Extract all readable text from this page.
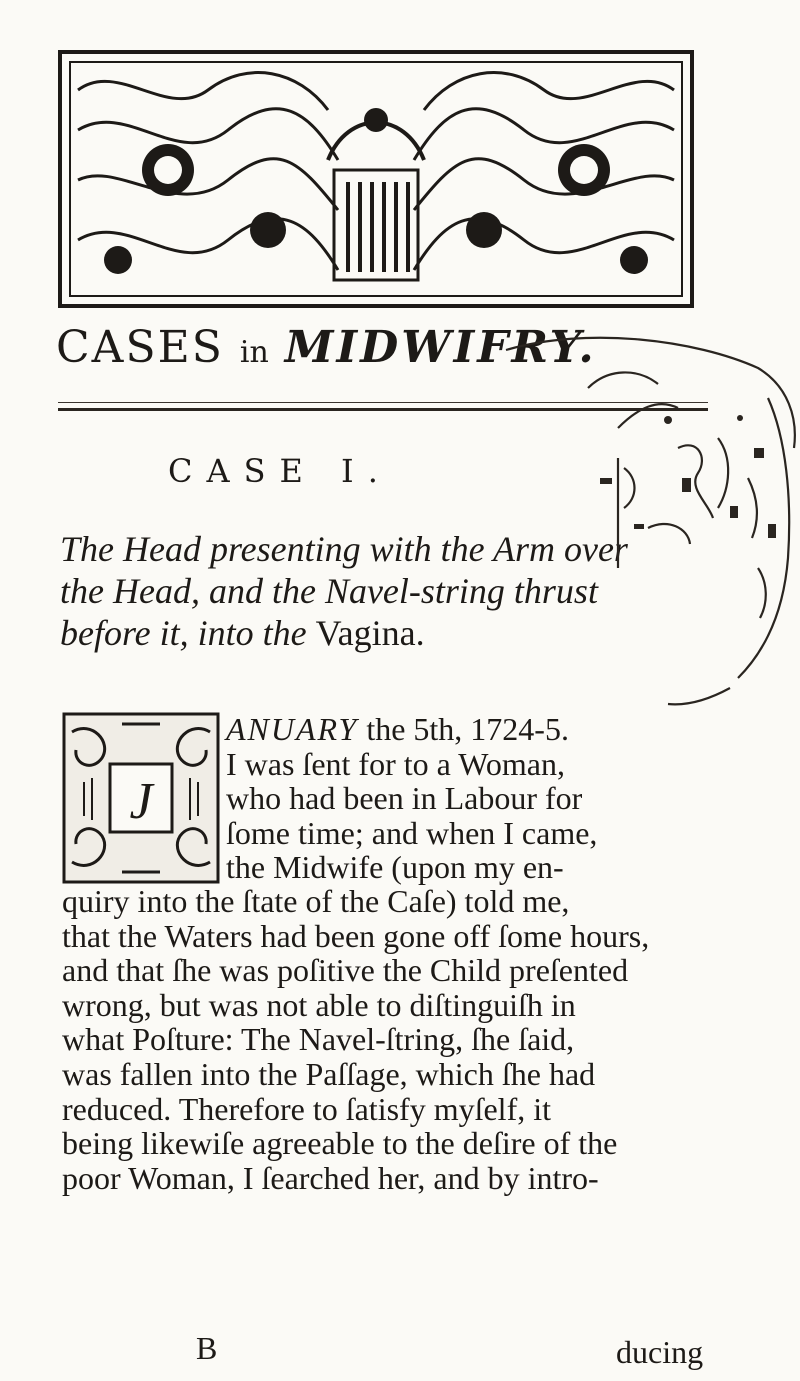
CASES in MIDWIFRY.
CASE I.
The Head presenting with the Arm over
the Head, and the Navel-string thrust
before it, into the Vagina.
J
ANUARY the 5th, 1724-5.
I was ſent for to a Woman,
who had been in Labour for
ſome time; and when I came,
the Midwife (upon my en-
quiry into the ſtate of the Caſe) told me,
that the Waters had been gone off ſome hours,
and that ſhe was poſitive the Child preſented
wrong, but was not able to diſtinguiſh in
what Poſture: The Navel-ſtring, ſhe ſaid,
was fallen into the Paſſage, which ſhe had
reduced. Therefore to ſatisfy myſelf, it
being likewiſe agreeable to the deſire of the
poor Woman, I ſearched her, and by intro-
B	ducing
